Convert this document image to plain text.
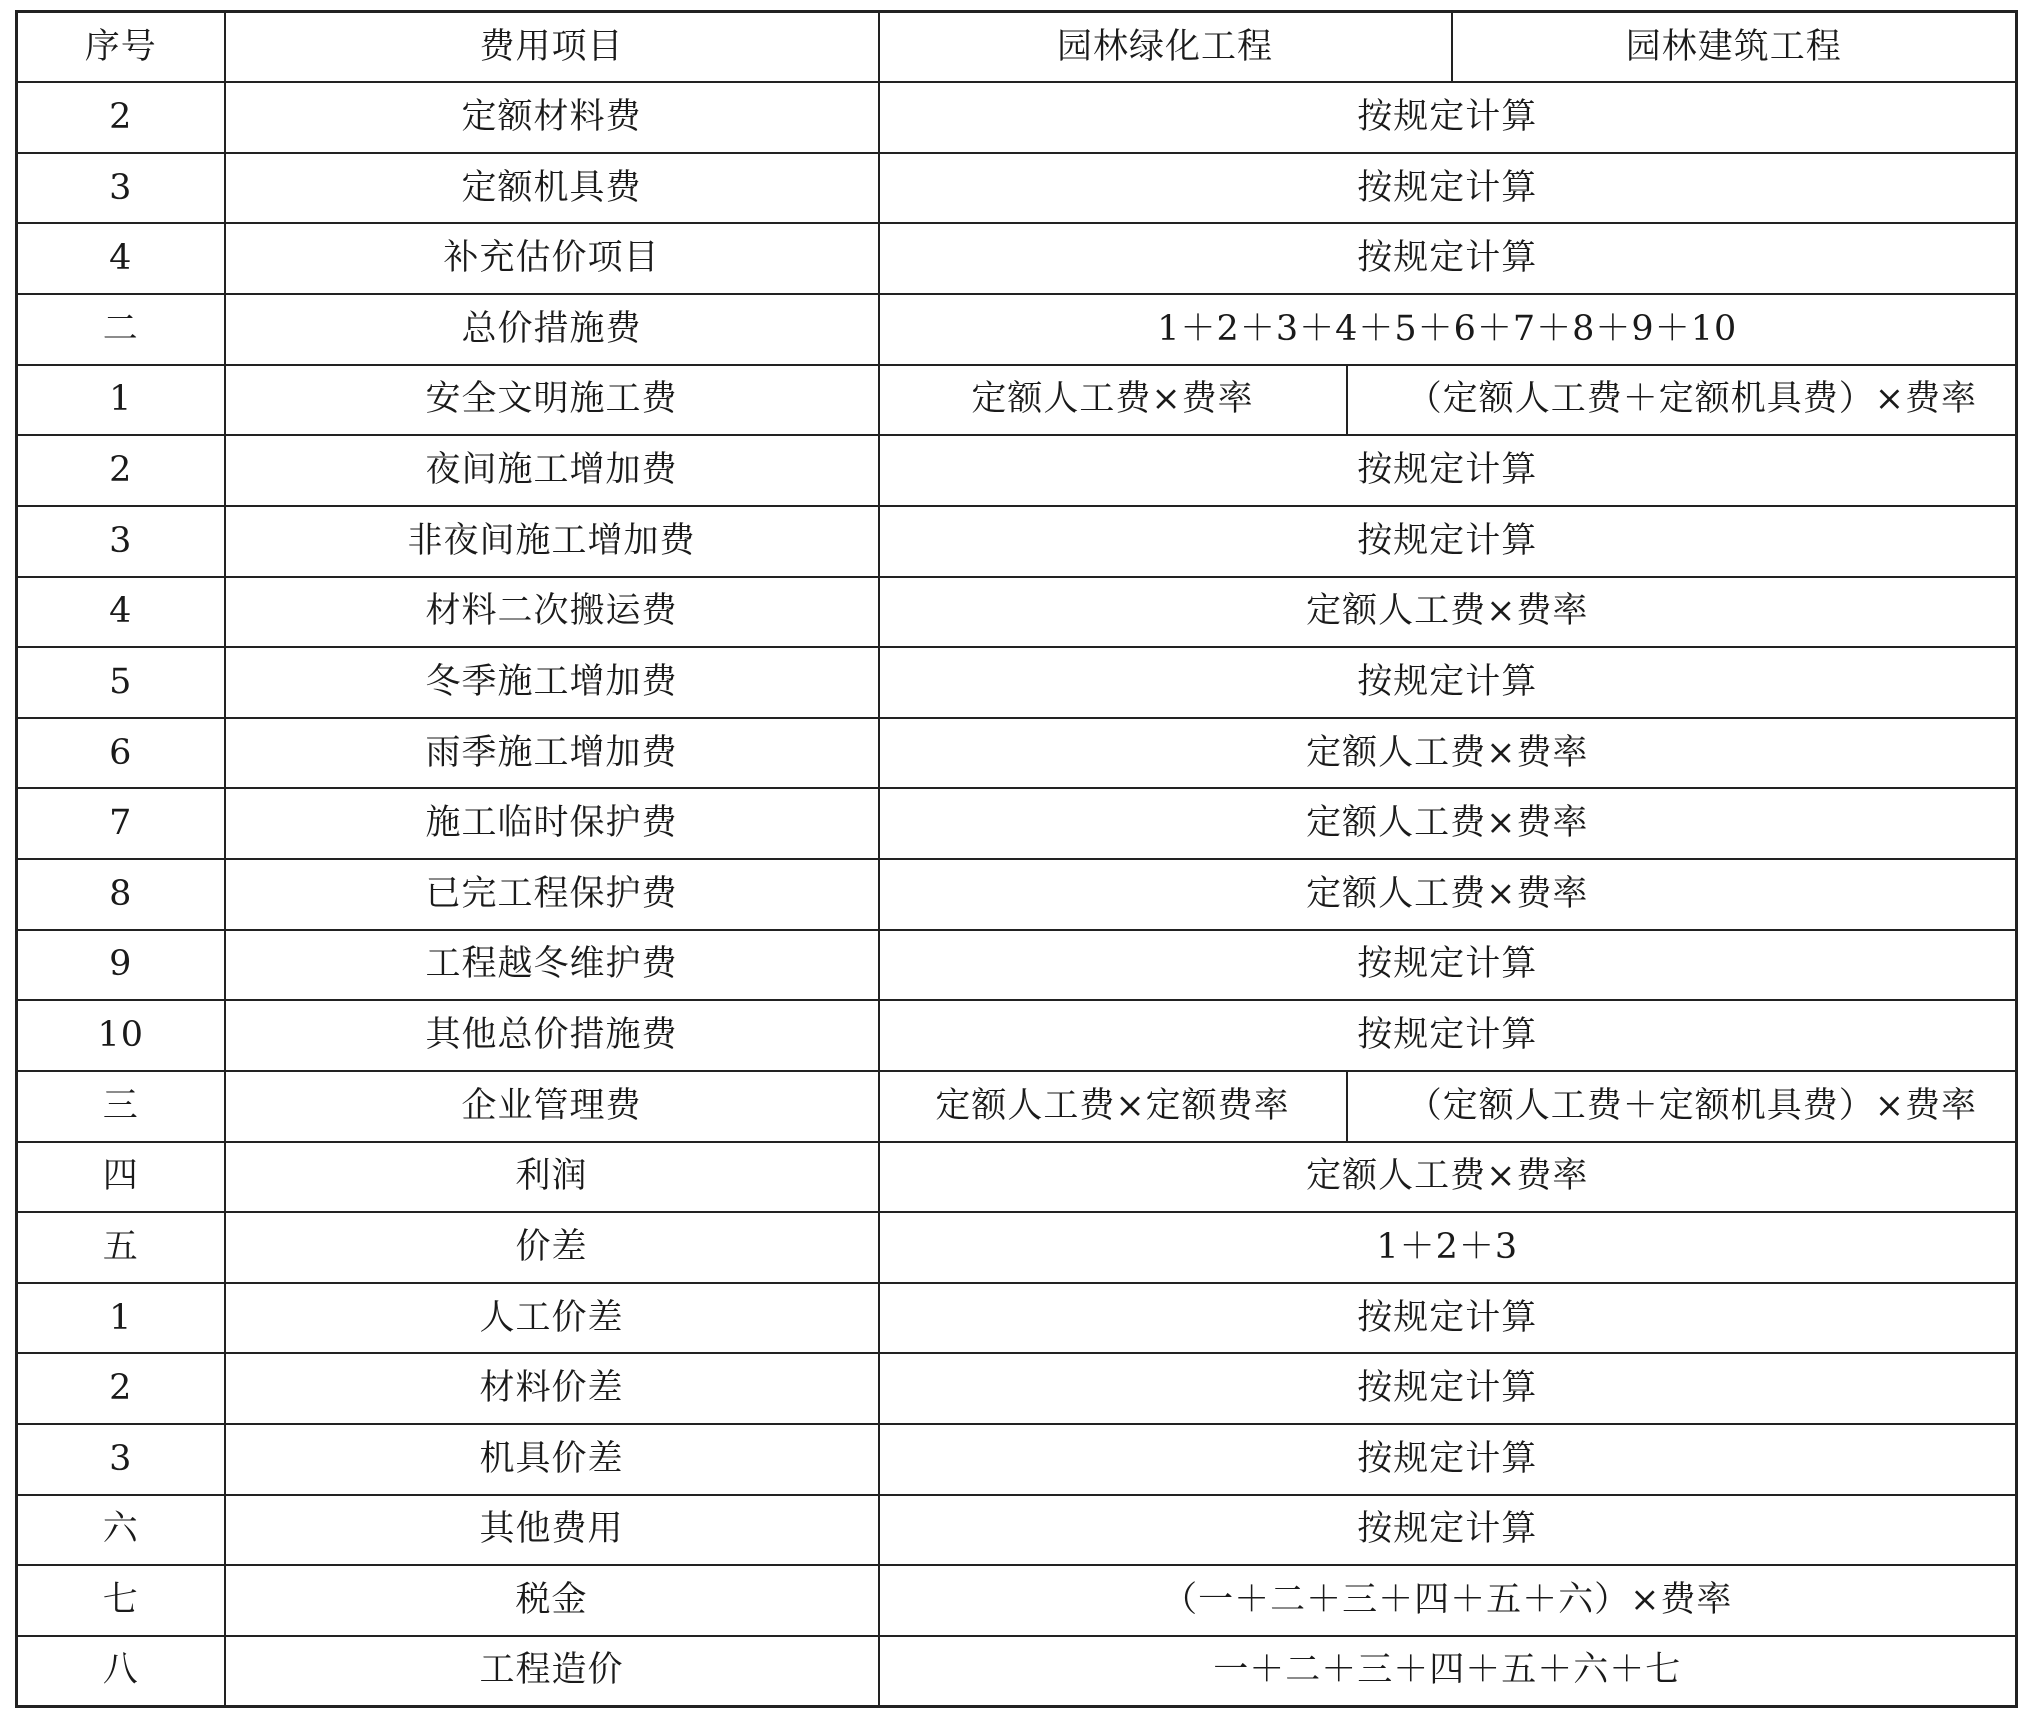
序号	费用项目	园林绿化工程		园林建筑工程
2	定额材料费	按规定计算		
3	定额机具费	按规定计算		
4	补充估价项目	按规定计算		
二	总价措施费	1＋2＋3＋4＋5＋6＋7＋8＋9＋10		
1	安全文明施工费	定额人工费×费率	（定额人工费＋定额机具费）×费率	
2	夜间施工增加费	按规定计算		
3	非夜间施工增加费	按规定计算		
4	材料二次搬运费	定额人工费×费率		
5	冬季施工增加费	按规定计算		
6	雨季施工增加费	定额人工费×费率		
7	施工临时保护费	定额人工费×费率		
8	已完工程保护费	定额人工费×费率		
9	工程越冬维护费	按规定计算		
10	其他总价措施费	按规定计算		
三	企业管理费	定额人工费×定额费率	（定额人工费＋定额机具费）×费率	
四	利润	定额人工费×费率		
五	价差	1＋2＋3		
1	人工价差	按规定计算		
2	材料价差	按规定计算		
3	机具价差	按规定计算		
六	其他费用	按规定计算		
七	税金	（一＋二＋三＋四＋五＋六）×费率		
八	工程造价	一＋二＋三＋四＋五＋六＋七		
